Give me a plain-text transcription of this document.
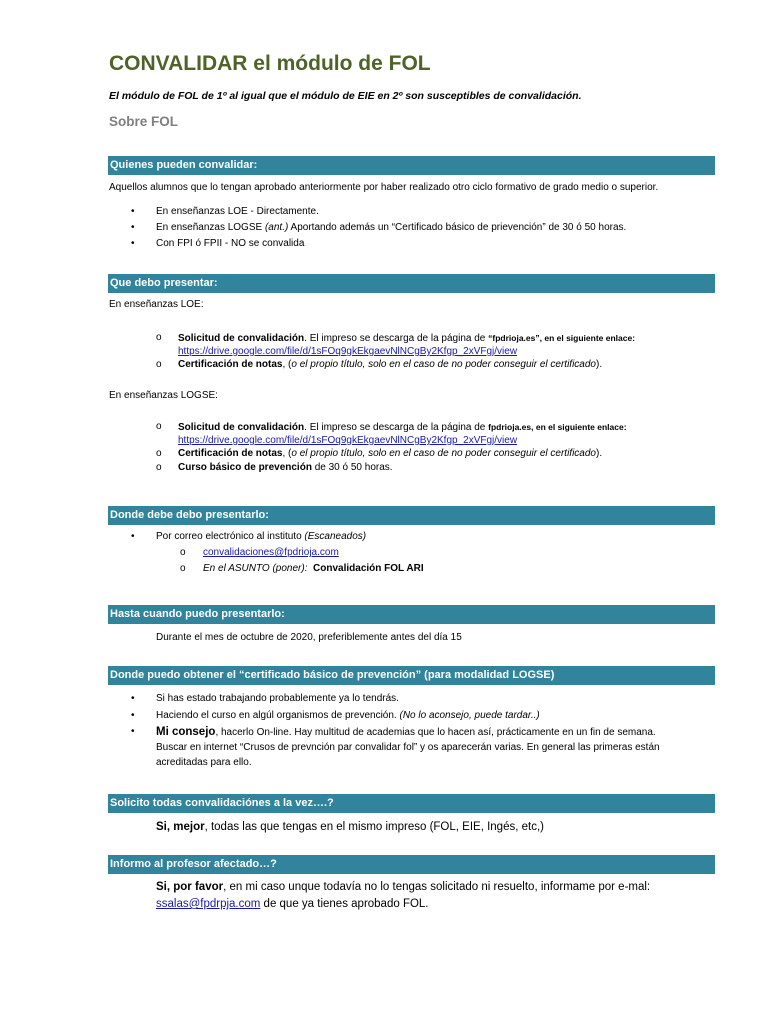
CONVALIDAR el módulo de FOL
El módulo de FOL de 1º al igual que el módulo de EIE en 2º son susceptibles de convalidación.
Sobre FOL
Quienes pueden convalidar:
Aquellos alumnos que lo tengan aprobado anteriormente por haber realizado otro ciclo formativo de grado medio o superior.
• En enseñanzas LOE - Directamente.
• En enseñanzas LOGSE (ant.) Aportando además un “Certificado básico de prievención” de 30 ó 50 horas.
• Con FPI ó FPII - NO se convalida
Que debo presentar:
En enseñanzas LOE:
o Solicitud de convalidación. El impreso se descarga de la página de “fpdrioja.es”, en el siguiente enlace:
https://drive.google.com/file/d/1sFOq9gkEkgaevNlNCgBy2Kfgp_2xVFgj/view
o Certificación de notas, (o el propio título, solo en el caso de no poder conseguir el certificado).
En enseñanzas LOGSE:
o Solicitud de convalidación. El impreso se descarga de la página de fpdrioja.es, en el siguiente enlace:
https://drive.google.com/file/d/1sFOq9gkEkgaevNlNCgBy2Kfgp_2xVFgj/view
o Certificación de notas, (o el propio título, solo en el caso de no poder conseguir el certificado).
o Curso básico de prevención de 30 ó 50 horas.
Donde debe debo presentarlo:
• Por correo electrónico al instituto (Escaneados)
o convalidaciones@fpdrioja.com
o En el ASUNTO (poner): Convalidación FOL ARI
Hasta cuando puedo presentarlo:
Durante el mes de octubre de 2020, preferiblemente antes del día 15
Donde puedo obtener el “certificado básico de prevención” (para modalidad LOGSE)
• Si has estado trabajando probablemente ya lo tendrás.
• Haciendo el curso en algúl organismos de prevención. (No lo aconsejo, puede tardar..)
• Mi consejo, hacerlo On-line. Hay multitud de academias que lo hacen así, prácticamente en un fin de semana.
Buscar en internet “Crusos de prevnción par convalidar fol” y os aparecerán varias. En general las primeras están
acreditadas para ello.
Solicito todas convalidaciónes a la vez….?
Si, mejor, todas las que tengas en el mismo impreso (FOL, EIE, Ingés, etc,)
Informo al profesor afectado…?
Si, por favor, en mi caso unque todavía no lo tengas solicitado ni resuelto, informame por e-mal:
ssalas@fpdrpja.com de que ya tienes aprobado FOL.
